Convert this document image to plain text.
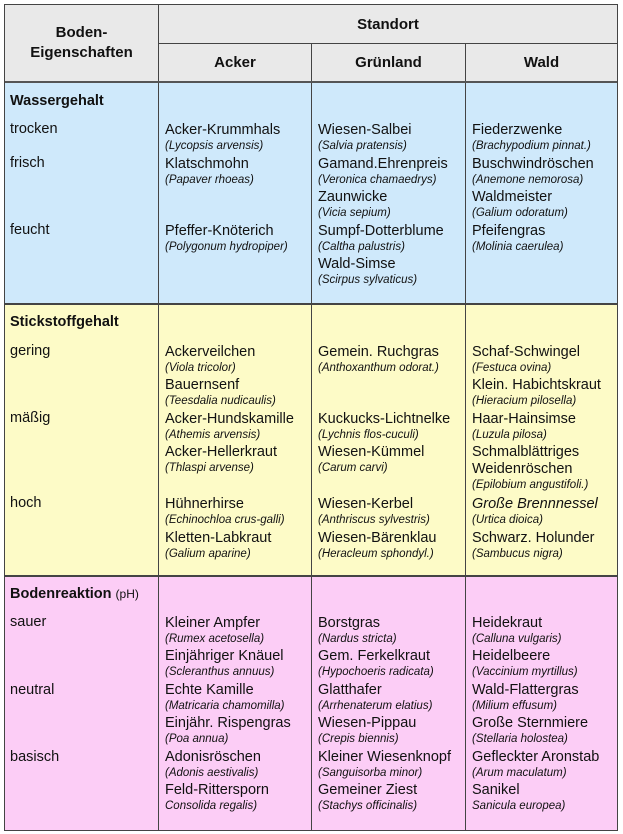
Boden-
Eigenschaften
Standort
Acker	Grünland	Wald
Wassergehalt
trocken
frisch
feucht
Acker-Krummhals
(Lycopsis arvensis)
Klatschmohn
(Papaver rhoeas)
Pfeffer-Knöterich
(Polygonum hydropiper)
Wiesen-Salbei
(Salvia pratensis)
Gamand.Ehrenpreis
(Veronica chamaedrys)
Zaunwicke
(Vicia sepium)
Sumpf-Dotterblume
(Caltha palustris)
Wald-Simse
(Scirpus sylvaticus)
Fiederzwenke
(Brachypodium pinnat.)
Buschwindröschen
(Anemone nemorosa)
Waldmeister
(Galium odoratum)
Pfeifengras
(Molinia caerulea)
Stickstoffgehalt
gering
mäßig
hoch
Ackerveilchen
(Viola tricolor)
Bauernsenf
(Teesdalia nudicaulis)
Acker-Hundskamille
(Athemis arvensis)
Acker-Hellerkraut
(Thlaspi arvense)
Hühnerhirse
(Echinochloa crus-galli)
Kletten-Labkraut
(Galium aparine)
Gemein. Ruchgras
(Anthoxanthum odorat.)
Kuckucks-Lichtnelke
(Lychnis flos-cuculi)
Wiesen-Kümmel
(Carum carvi)
Wiesen-Kerbel
(Anthriscus sylvestris)
Wiesen-Bärenklau
(Heracleum sphondyl.)
Schaf-Schwingel
(Festuca ovina)
Klein. Habichtskraut
(Hieracium pilosella)
Haar-Hainsimse
(Luzula pilosa)
Schmalblättriges
Weidenröschen
(Epilobium angustifoli.)
Große Brennnessel
(Urtica dioica)
Schwarz. Holunder
(Sambucus nigra)
Bodenreaktion (pH)
sauer
neutral
basisch
Kleiner Ampfer
(Rumex acetosella)
Einjähriger Knäuel
(Scleranthus annuus)
Echte Kamille
(Matricaria chamomilla)
Einjähr. Rispengras
(Poa annua)
Adonisröschen
(Adonis aestivalis)
Feld-Rittersporn
Consolida regalis)
Borstgras
(Nardus stricta)
Gem. Ferkelkraut
(Hypochoeris radicata)
Glatthafer
(Arrhenaterum elatius)
Wiesen-Pippau
(Crepis biennis)
Kleiner Wiesenknopf
(Sanguisorba minor)
Gemeiner Ziest
(Stachys officinalis)
Heidekraut
(Calluna vulgaris)
Heidelbeere
(Vaccinium myrtillus)
Wald-Flattergras
(Milium effusum)
Große Sternmiere
(Stellaria holostea)
Gefleckter Aronstab
(Arum maculatum)
Sanikel
Sanicula europea)
